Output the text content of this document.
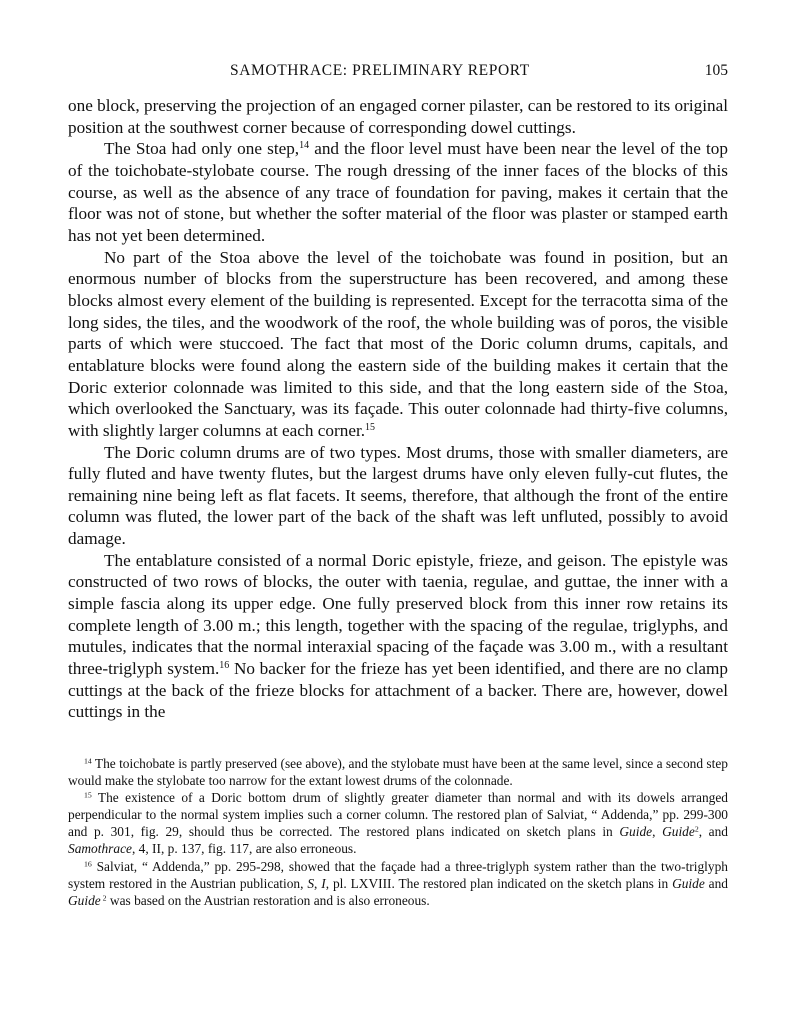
SAMOTHRACE: PRELIMINARY REPORT	105

one block, preserving the projection of an engaged corner pilaster, can be restored to its original position at the southwest corner because of corresponding dowel cuttings.

The Stoa had only one step,$^{14}$ and the floor level must have been near the level of the top of the toichobate-stylobate course. The rough dressing of the inner faces of the blocks of this course, as well as the absence of any trace of foundation for paving, makes it certain that the floor was not of stone, but whether the softer material of the floor was plaster or stamped earth has not yet been determined.

No part of the Stoa above the level of the toichobate was found in position, but an enormous number of blocks from the superstructure has been recovered, and among these blocks almost every element of the building is represented. Except for the terracotta sima of the long sides, the tiles, and the woodwork of the roof, the whole building was of poros, the visible parts of which were stuccoed. The fact that most of the Doric column drums, capitals, and entablature blocks were found along the eastern side of the building makes it certain that the Doric exterior colonnade was limited to this side, and that the long eastern side of the Stoa, which overlooked the Sanctuary, was its façade. This outer colonnade had thirty-five columns, with slightly larger columns at each corner.$^{15}$

The Doric column drums are of two types. Most drums, those with smaller diameters, are fully fluted and have twenty flutes, but the largest drums have only eleven fully-cut flutes, the remaining nine being left as flat facets. It seems, therefore, that although the front of the entire column was fluted, the lower part of the back of the shaft was left unfluted, possibly to avoid damage.

The entablature consisted of a normal Doric epistyle, frieze, and geison. The epistyle was constructed of two rows of blocks, the outer with taenia, regulae, and guttae, the inner with a simple fascia along its upper edge. One fully preserved block from this inner row retains its complete length of 3.00 m.; this length, together with the spacing of the regulae, triglyphs, and mutules, indicates that the normal interaxial spacing of the façade was 3.00 m., with a resultant three-triglyph system.$^{16}$ No backer for the frieze has yet been identified, and there are no clamp cuttings at the back of the frieze blocks for attachment of a backer. There are, however, dowel cuttings in the

$^{14}$ The toichobate is partly preserved (see above), and the stylobate must have been at the same level, since a second step would make the stylobate too narrow for the extant lowest drums of the colonnade.

$^{15}$ The existence of a Doric bottom drum of slightly greater diameter than normal and with its dowels arranged perpendicular to the normal system implies such a corner column. The restored plan of Salviat, “ Addenda,” pp. 299-300 and p. 301, fig. 29, should thus be corrected. The restored plans indicated on sketch plans in Guide, Guide$^2$, and Samothrace, 4, II, p. 137, fig. 117, are also erroneous.

$^{16}$ Salviat, “ Addenda,” pp. 295-298, showed that the façade had a three-triglyph system rather than the two-triglyph system restored in the Austrian publication, S, I, pl. LXVIII. The restored plan indicated on the sketch plans in Guide and Guide $^2$ was based on the Austrian restoration and is also erroneous.
